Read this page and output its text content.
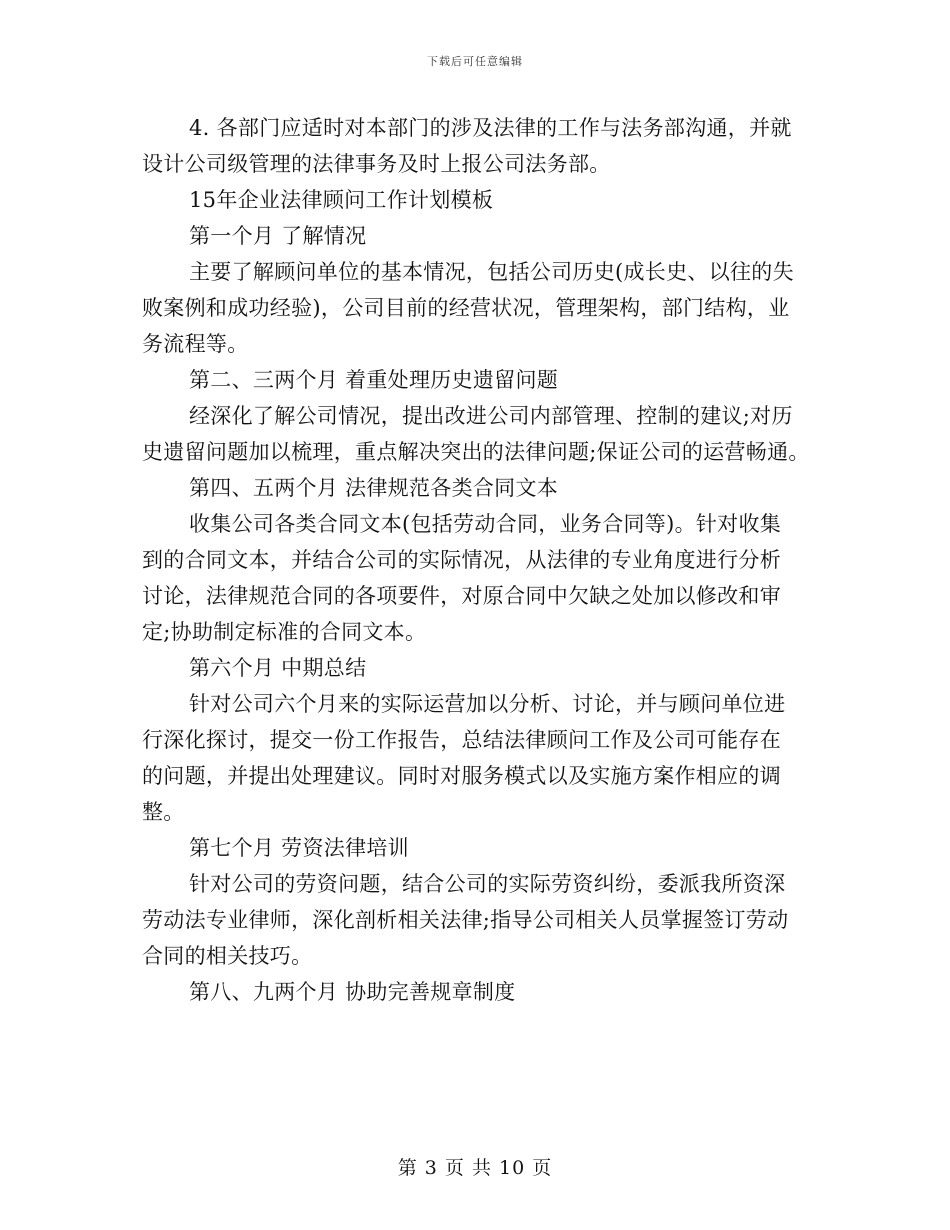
下载后可任意编辑
4. 各部门应适时对本部门的涉及法律的工作与法务部沟通，并就
设计公司级管理的法律事务及时上报公司法务部。
15年企业法律顾问工作计划模板
第一个月 了解情况
主要了解顾问单位的基本情况，包括公司历史(成长史、以往的失
败案例和成功经验)，公司目前的经营状况，管理架构，部门结构，业
务流程等。
第二、三两个月 着重处理历史遗留问题
经深化了解公司情况，提出改进公司内部管理、控制的建议;对历
史遗留问题加以梳理，重点解决突出的法律问题;保证公司的运营畅通。
第四、五两个月 法律规范各类合同文本
收集公司各类合同文本(包括劳动合同，业务合同等)。针对收集
到的合同文本，并结合公司的实际情况，从法律的专业角度进行分析
讨论，法律规范合同的各项要件，对原合同中欠缺之处加以修改和审
定;协助制定标准的合同文本。
第六个月 中期总结
针对公司六个月来的实际运营加以分析、讨论，并与顾问单位进
行深化探讨，提交一份工作报告，总结法律顾问工作及公司可能存在
的问题，并提出处理建议。同时对服务模式以及实施方案作相应的调
整。
第七个月 劳资法律培训
针对公司的劳资问题，结合公司的实际劳资纠纷，委派我所资深
劳动法专业律师，深化剖析相关法律;指导公司相关人员掌握签订劳动
合同的相关技巧。
第八、九两个月 协助完善规章制度
第 3 页 共 10 页
